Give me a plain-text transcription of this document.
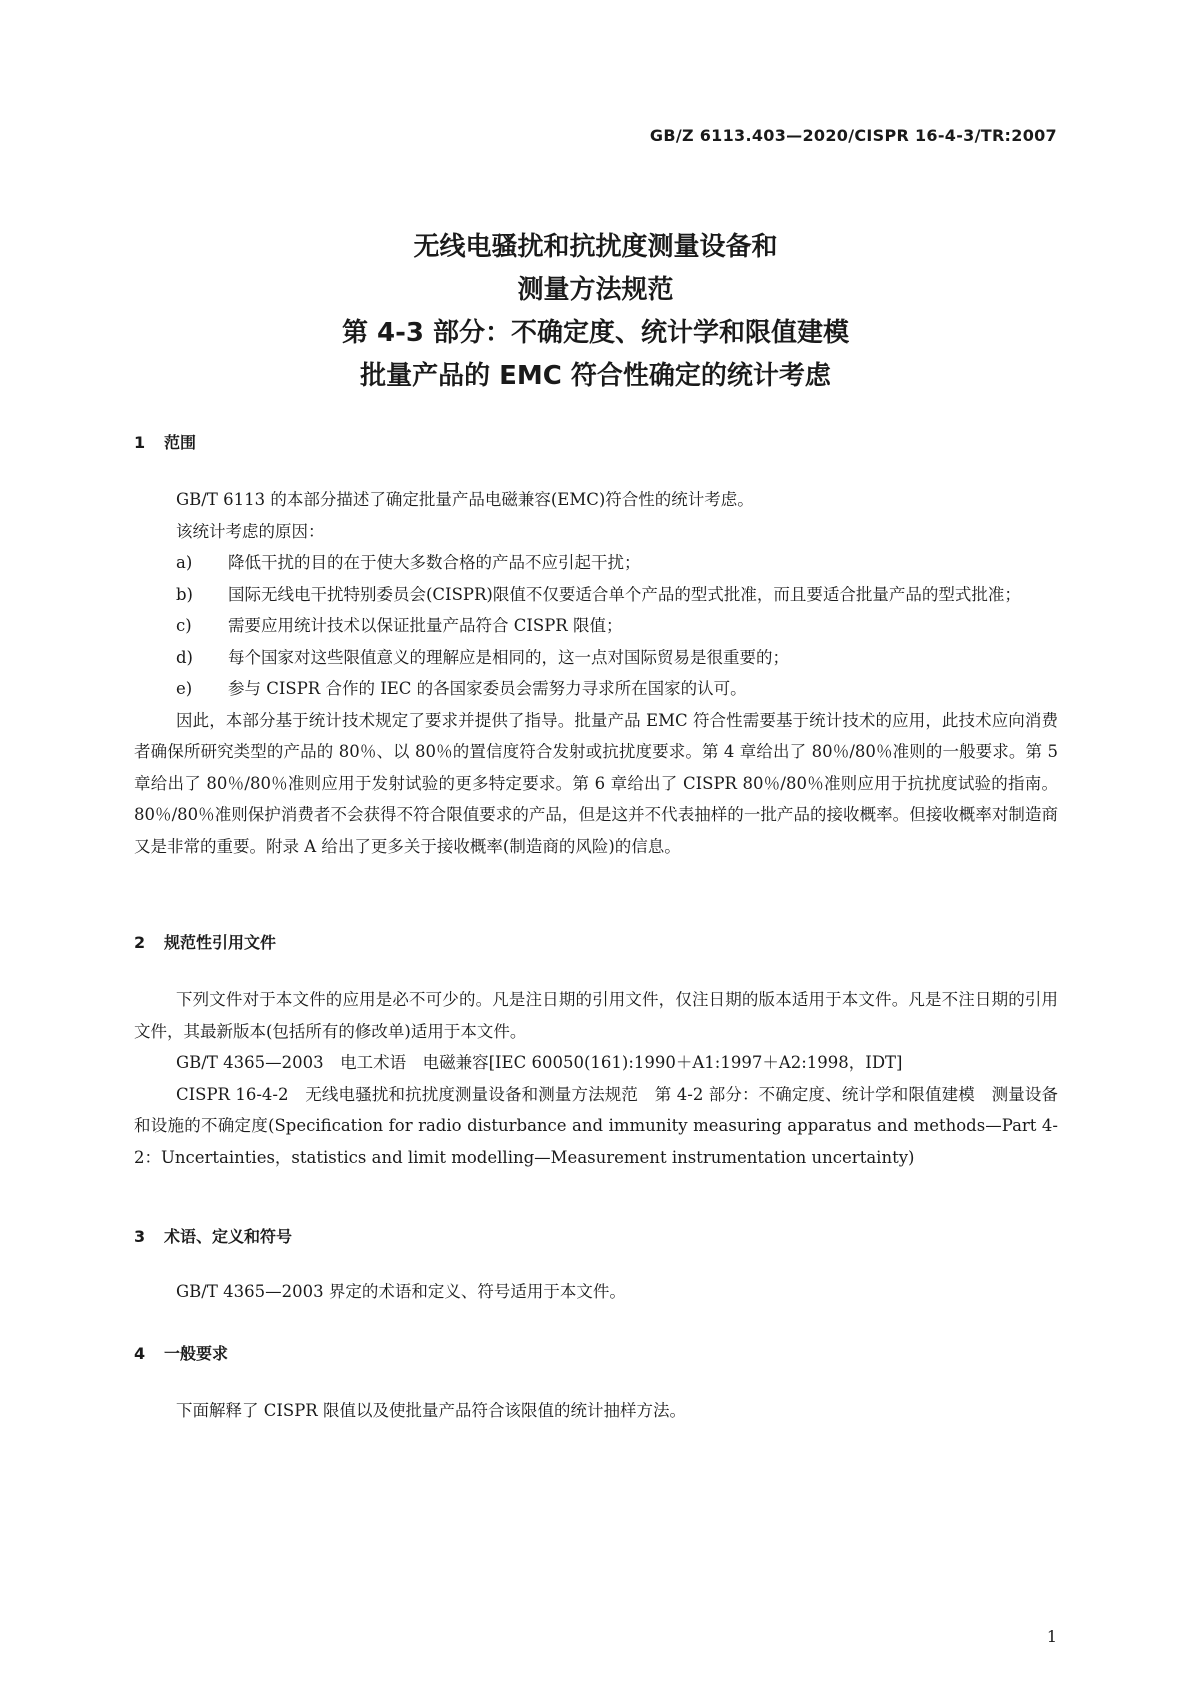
GB/Z 6113.403—2020/CISPR 16-4-3/TR:2007
无线电骚扰和抗扰度测量设备和
测量方法规范
第 4-3 部分：不确定度、统计学和限值建模
批量产品的 EMC 符合性确定的统计考虑
1 范围
GB/T 6113 的本部分描述了确定批量产品电磁兼容(EMC)符合性的统计考虑。
该统计考虑的原因：
a) 降低干扰的目的在于使大多数合格的产品不应引起干扰；
b) 国际无线电干扰特别委员会(CISPR)限值不仅要适合单个产品的型式批准，而且要适合批量产品的型式批准；
c) 需要应用统计技术以保证批量产品符合 CISPR 限值；
d) 每个国家对这些限值意义的理解应是相同的，这一点对国际贸易是很重要的；
e) 参与 CISPR 合作的 IEC 的各国家委员会需努力寻求所在国家的认可。
因此，本部分基于统计技术规定了要求并提供了指导。批量产品 EMC 符合性需要基于统计技术的应用，此技术应向消费者确保所研究类型的产品的 80％、以 80％的置信度符合发射或抗扰度要求。第 4 章给出了 80％/80％准则的一般要求。第 5 章给出了 80％/80％准则应用于发射试验的更多特定要求。第 6 章给出了 CISPR 80％/80％准则应用于抗扰度试验的指南。80％/80％准则保护消费者不会获得不符合限值要求的产品，但是这并不代表抽样的一批产品的接收概率。但接收概率对制造商又是非常的重要。附录 A 给出了更多关于接收概率(制造商的风险)的信息。
2 规范性引用文件
下列文件对于本文件的应用是必不可少的。凡是注日期的引用文件，仅注日期的版本适用于本文件。凡是不注日期的引用文件，其最新版本(包括所有的修改单)适用于本文件。
GB/T 4365—2003　电工术语　电磁兼容[IEC 60050(161):1990＋A1:1997＋A2:1998，IDT]
CISPR 16-4-2　无线电骚扰和抗扰度测量设备和测量方法规范　第 4-2 部分：不确定度、统计学和限值建模　测量设备和设施的不确定度(Specification for radio disturbance and immunity measuring apparatus and methods—Part 4-2：Uncertainties，statistics and limit modelling—Measurement instrumentation uncertainty)
3 术语、定义和符号
GB/T 4365—2003 界定的术语和定义、符号适用于本文件。
4 一般要求
下面解释了 CISPR 限值以及使批量产品符合该限值的统计抽样方法。
1
